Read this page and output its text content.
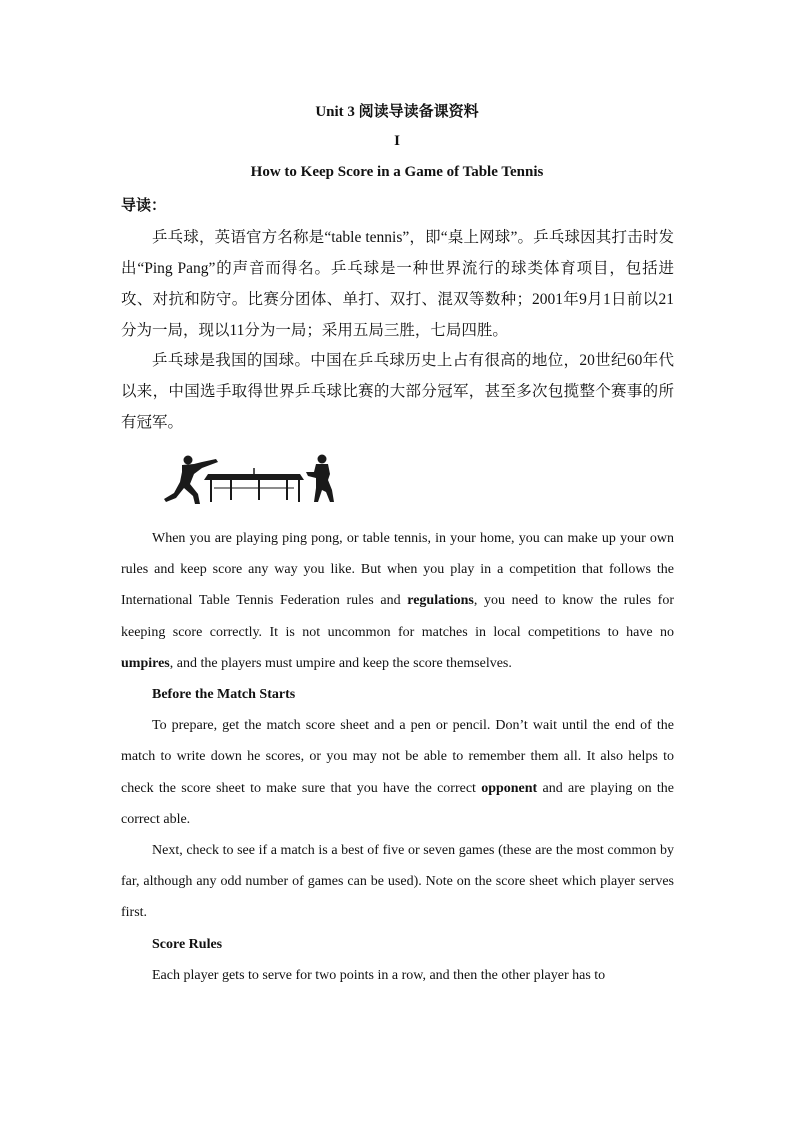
Unit 3 阅读导读备课资料
I
How to Keep Score in a Game of Table Tennis
导读：

乒乓球，英语官方名称是“table tennis”，即“桌上网球”。乒乓球因其打击时发出“Ping Pang”的声音而得名。乒乓球是一种世界流行的球类体育项目，包括进攻、对抗和防守。比赛分团体、单打、双打、混双等数种；2001年9月1日前以21分为一局，现以11分为一局；采用五局三胜，七局四胜。

乒乓球是我国的国球。中国在乒乓球历史上占有很高的地位，20世纪60年代以来，中国选手取得世界乒乓球比赛的大部分冠军，甚至多次包揽整个赛事的所有冠军。

When you are playing ping pong, or table tennis, in your home, you can make up your own rules and keep score any way you like. But when you play in a competition that follows the International Table Tennis Federation rules and regulations, you need to know the rules for keeping score correctly. It is not uncommon for matches in local competitions to have no umpires, and the players must umpire and keep the score themselves.

Before the Match Starts

To prepare, get the match score sheet and a pen or pencil. Don’t wait until the end of the match to write down he scores, or you may not be able to remember them all. It also helps to check the score sheet to make sure that you have the correct opponent and are playing on the correct able.

Next, check to see if a match is a best of five or seven games (these are the most common by far, although any odd number of games can be used). Note on the score sheet which player serves first.

Score Rules

Each player gets to serve for two points in a row, and then the other player has to
